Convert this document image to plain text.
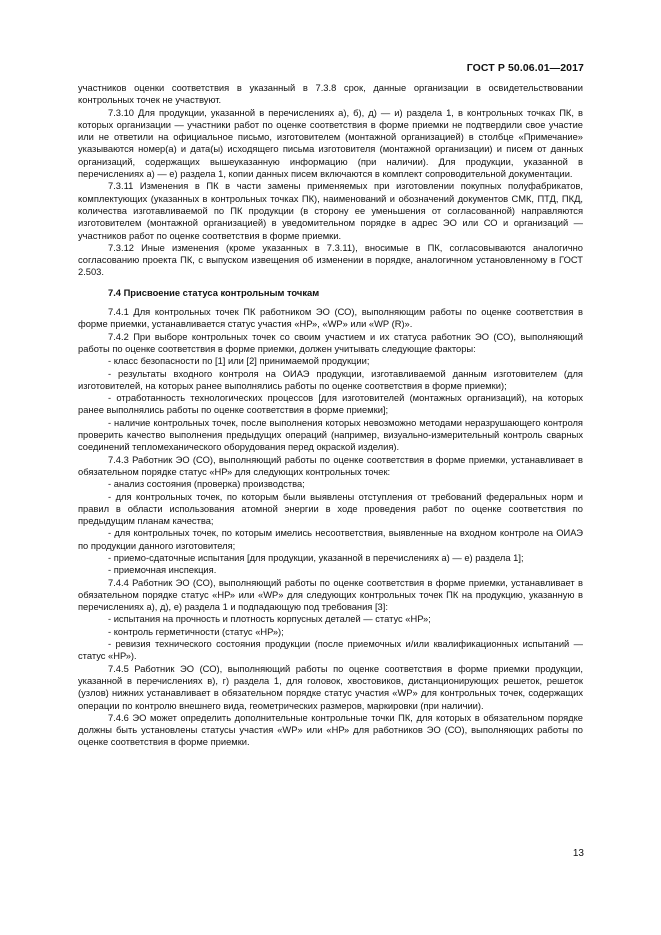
ГОСТ Р 50.06.01—2017

участников оценки соответствия в указанный в 7.3.8 срок, данные организации в освидетельствовании контрольных точек не участвуют.

7.3.10 Для продукции, указанной в перечислениях а), б), д) — и) раздела 1, в контрольных точках ПК, в которых организации — участники работ по оценке соответствия в форме приемки не подтвердили свое участие или не ответили на официальное письмо, изготовителем (монтажной организацией) в столбце «Примечание» указываются номер(а) и дата(ы) исходящего письма изготовителя (монтажной организации) и писем от данных организаций, содержащих вышеуказанную информацию (при наличии). Для продукции, указанной в перечислениях а) — е) раздела 1, копии данных писем включаются в комплект сопроводительной документации.

7.3.11 Изменения в ПК в части замены применяемых при изготовлении покупных полуфабрикатов, комплектующих (указанных в контрольных точках ПК), наименований и обозначений документов СМК, ПТД, ПКД, количества изготавливаемой по ПК продукции (в сторону ее уменьшения от согласованной) направляются изготовителем (монтажной организацией) в уведомительном порядке в адрес ЭО или СО и организаций — участников работ по оценке соответствия в форме приемки.

7.3.12 Иные изменения (кроме указанных в 7.3.11), вносимые в ПК, согласовываются аналогично согласованию проекта ПК, с выпуском извещения об изменении в порядке, аналогичном установленному в ГОСТ 2.503.

7.4 Присвоение статуса контрольным точкам

7.4.1 Для контрольных точек ПК работником ЭО (СО), выполняющим работы по оценке соответствия в форме приемки, устанавливается статус участия «НР», «WP» или «WP (R)».

7.4.2 При выборе контрольных точек со своим участием и их статуса работник ЭО (СО), выполняющий работы по оценке соответствия в форме приемки, должен учитывать следующие факторы:

- класс безопасности по [1] или [2] принимаемой продукции;

- результаты входного контроля на ОИАЭ продукции, изготавливаемой данным изготовителем (для изготовителей, на которых ранее выполнялись работы по оценке соответствия в форме приемки);

- отработанность технологических процессов [для изготовителей (монтажных организаций), на которых ранее выполнялись работы по оценке соответствия в форме приемки];

- наличие контрольных точек, после выполнения которых невозможно методами неразрушающего контроля проверить качество выполнения предыдущих операций (например, визуально-измерительный контроль сварных соединений тепломеханического оборудования перед окраской изделия).

7.4.3 Работник ЭО (СО), выполняющий работы по оценке соответствия в форме приемки, устанавливает в обязательном порядке статус «НР» для следующих контрольных точек:

- анализ состояния (проверка) производства;

- для контрольных точек, по которым были выявлены отступления от требований федеральных норм и правил в области использования атомной энергии в ходе проведения работ по оценке соответствия по предыдущим планам качества;

- для контрольных точек, по которым имелись несоответствия, выявленные на входном контроле на ОИАЭ по продукции данного изготовителя;

- приемо-сдаточные испытания [для продукции, указанной в перечислениях а) — е) раздела 1];

- приемочная инспекция.

7.4.4 Работник ЭО (СО), выполняющий работы по оценке соответствия в форме приемки, устанавливает в обязательном порядке статус «НР» или «WP» для следующих контрольных точек ПК на продукцию, указанную в перечислениях а), д), е) раздела 1 и подпадающую под требования [3]:

- испытания на прочность и плотность корпусных деталей — статус «НР»;

- контроль герметичности (статус «НР»);

- ревизия технического состояния продукции (после приемочных и/или квалификационных испытаний — статус «НР»).

7.4.5 Работник ЭО (СО), выполняющий работы по оценке соответствия в форме приемки продукции, указанной в перечислениях в), г) раздела 1, для головок, хвостовиков, дистанционирующих решеток, решеток (узлов) нижних устанавливает в обязательном порядке статус участия «WP» для контрольных точек, содержащих операции по контролю внешнего вида, геометрических размеров, маркировки (при наличии).

7.4.6 ЭО может определить дополнительные контрольные точки ПК, для которых в обязательном порядке должны быть установлены статусы участия «WP» или «НР» для работников ЭО (СО), выполняющих работы по оценке соответствия в форме приемки.

13
